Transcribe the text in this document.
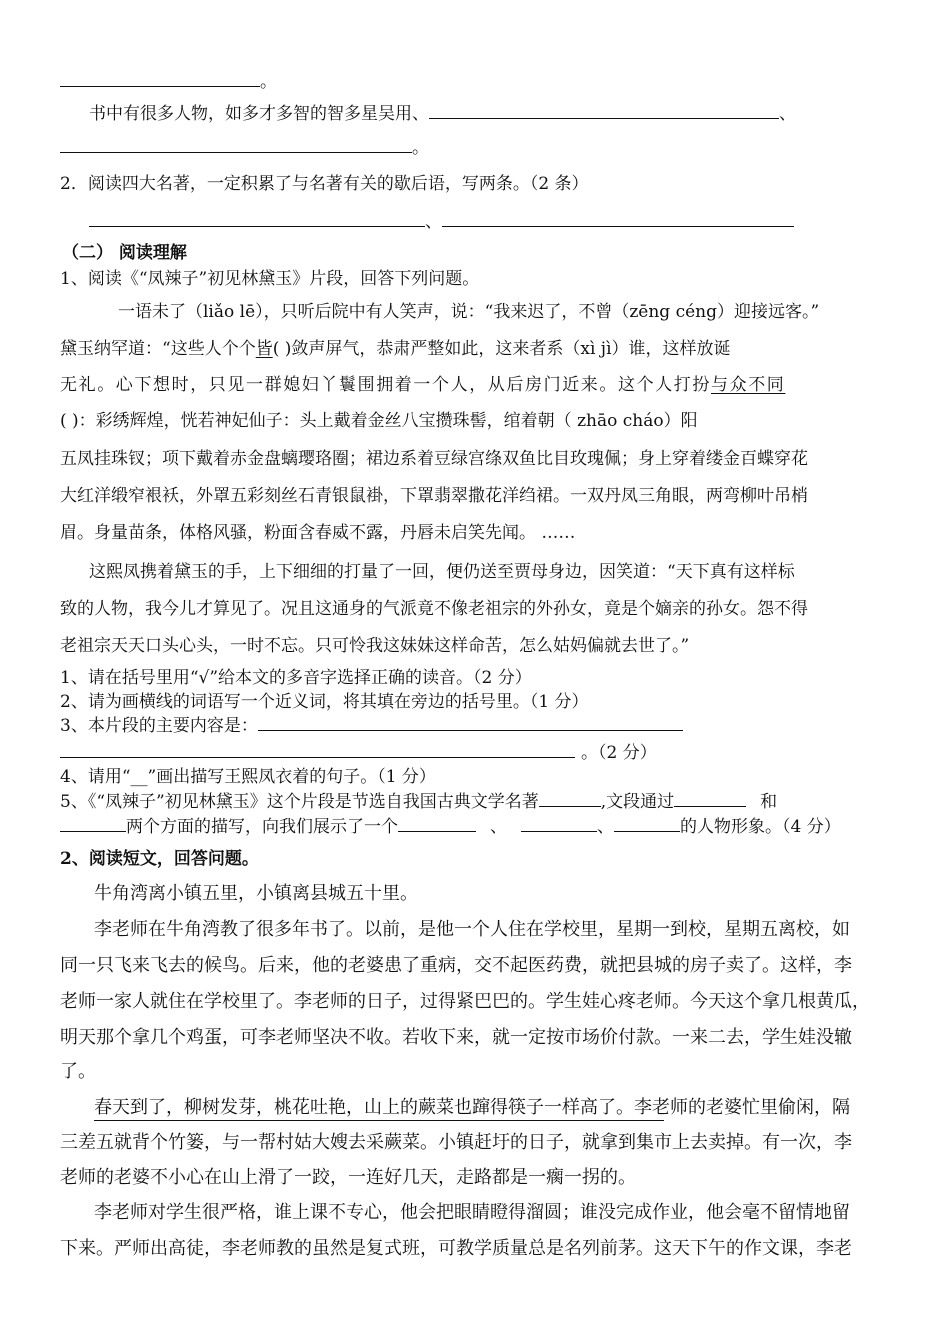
。
书中有很多人物，如多才多智的智多星吴用、	、
。
2．阅读四大名著，一定积累了与名著有关的歇后语，写两条。（2 条）
、
（二） 阅读理解
1、阅读《“凤辣子”初见林黛玉》片段，回答下列问题。
一语未了（liǎo lē），只听后院中有人笑声，说：“我来迟了，不曾（zēng céng）迎接远客。”
黛玉纳罕道：“这些人个个皆( )敛声屏气，恭肃严整如此，这来者系（xì jì）谁，这样放诞
无礼。心下想时，只见一群媳妇丫鬟围拥着一个人，从后房门近来。这个人打扮与众不同
( )：彩绣辉煌，恍若神妃仙子：头上戴着金丝八宝攒珠髻，绾着朝（ zhāo cháo）阳
五凤挂珠钗；项下戴着赤金盘螭璎珞圈；裙边系着豆绿宫绦双鱼比目玫瑰佩；身上穿着缕金百蝶穿花
大红洋缎窄裉袄，外罩五彩刻丝石青银鼠褂，下罩翡翠撒花洋绉裙。一双丹凤三角眼，两弯柳叶吊梢
眉。身量苗条，体格风骚，粉面含春威不露，丹唇未启笑先闻。 ……
这熙凤携着黛玉的手，上下细细的打量了一回，便仍送至贾母身边，因笑道：“天下真有这样标
致的人物，我今儿才算见了。况且这通身的气派竟不像老祖宗的外孙女，竟是个嫡亲的孙女。怨不得
老祖宗天天口头心头，一时不忘。只可怜我这妹妹这样命苦，怎么姑妈偏就去世了。”
1、请在括号里用“√”给本文的多音字选择正确的读音。（2 分）
2、请为画横线的词语写一个近义词，将其填在旁边的括号里。（1 分）
3、本片段的主要内容是：
。（2 分）
4、请用“__”画出描写王熙凤衣着的句子。（1 分）
5、《“凤辣子”初见林黛玉》这个片段是节选自我国古典文学名著	,文段通过	和
两个方面的描写，向我们展示了一个	、	、	的人物形象。（4 分）
2、阅读短文，回答问题。
牛角湾离小镇五里，小镇离县城五十里。
李老师在牛角湾教了很多年书了。以前，是他一个人住在学校里，星期一到校，星期五离校，如
同一只飞来飞去的候鸟。后来，他的老婆患了重病，交不起医药费，就把县城的房子卖了。这样，李
老师一家人就住在学校里了。李老师的日子，过得紧巴巴的。学生娃心疼老师。今天这个拿几根黄瓜，
明天那个拿几个鸡蛋，可李老师坚决不收。若收下来，就一定按市场价付款。一来二去，学生娃没辙
了。
春天到了，柳树发芽，桃花吐艳，山上的蕨菜也蹿得筷子一样高了。李老师的老婆忙里偷闲，隔
三差五就背个竹篓，与一帮村姑大嫂去采蕨菜。小镇赶圩的日子，就拿到集市上去卖掉。有一次，李
老师的老婆不小心在山上滑了一跤，一连好几天，走路都是一瘸一拐的。
李老师对学生很严格，谁上课不专心，他会把眼睛瞪得溜圆；谁没完成作业，他会毫不留情地留
下来。严师出高徒，李老师教的虽然是复式班，可教学质量总是名列前茅。这天下午的作文课，李老
